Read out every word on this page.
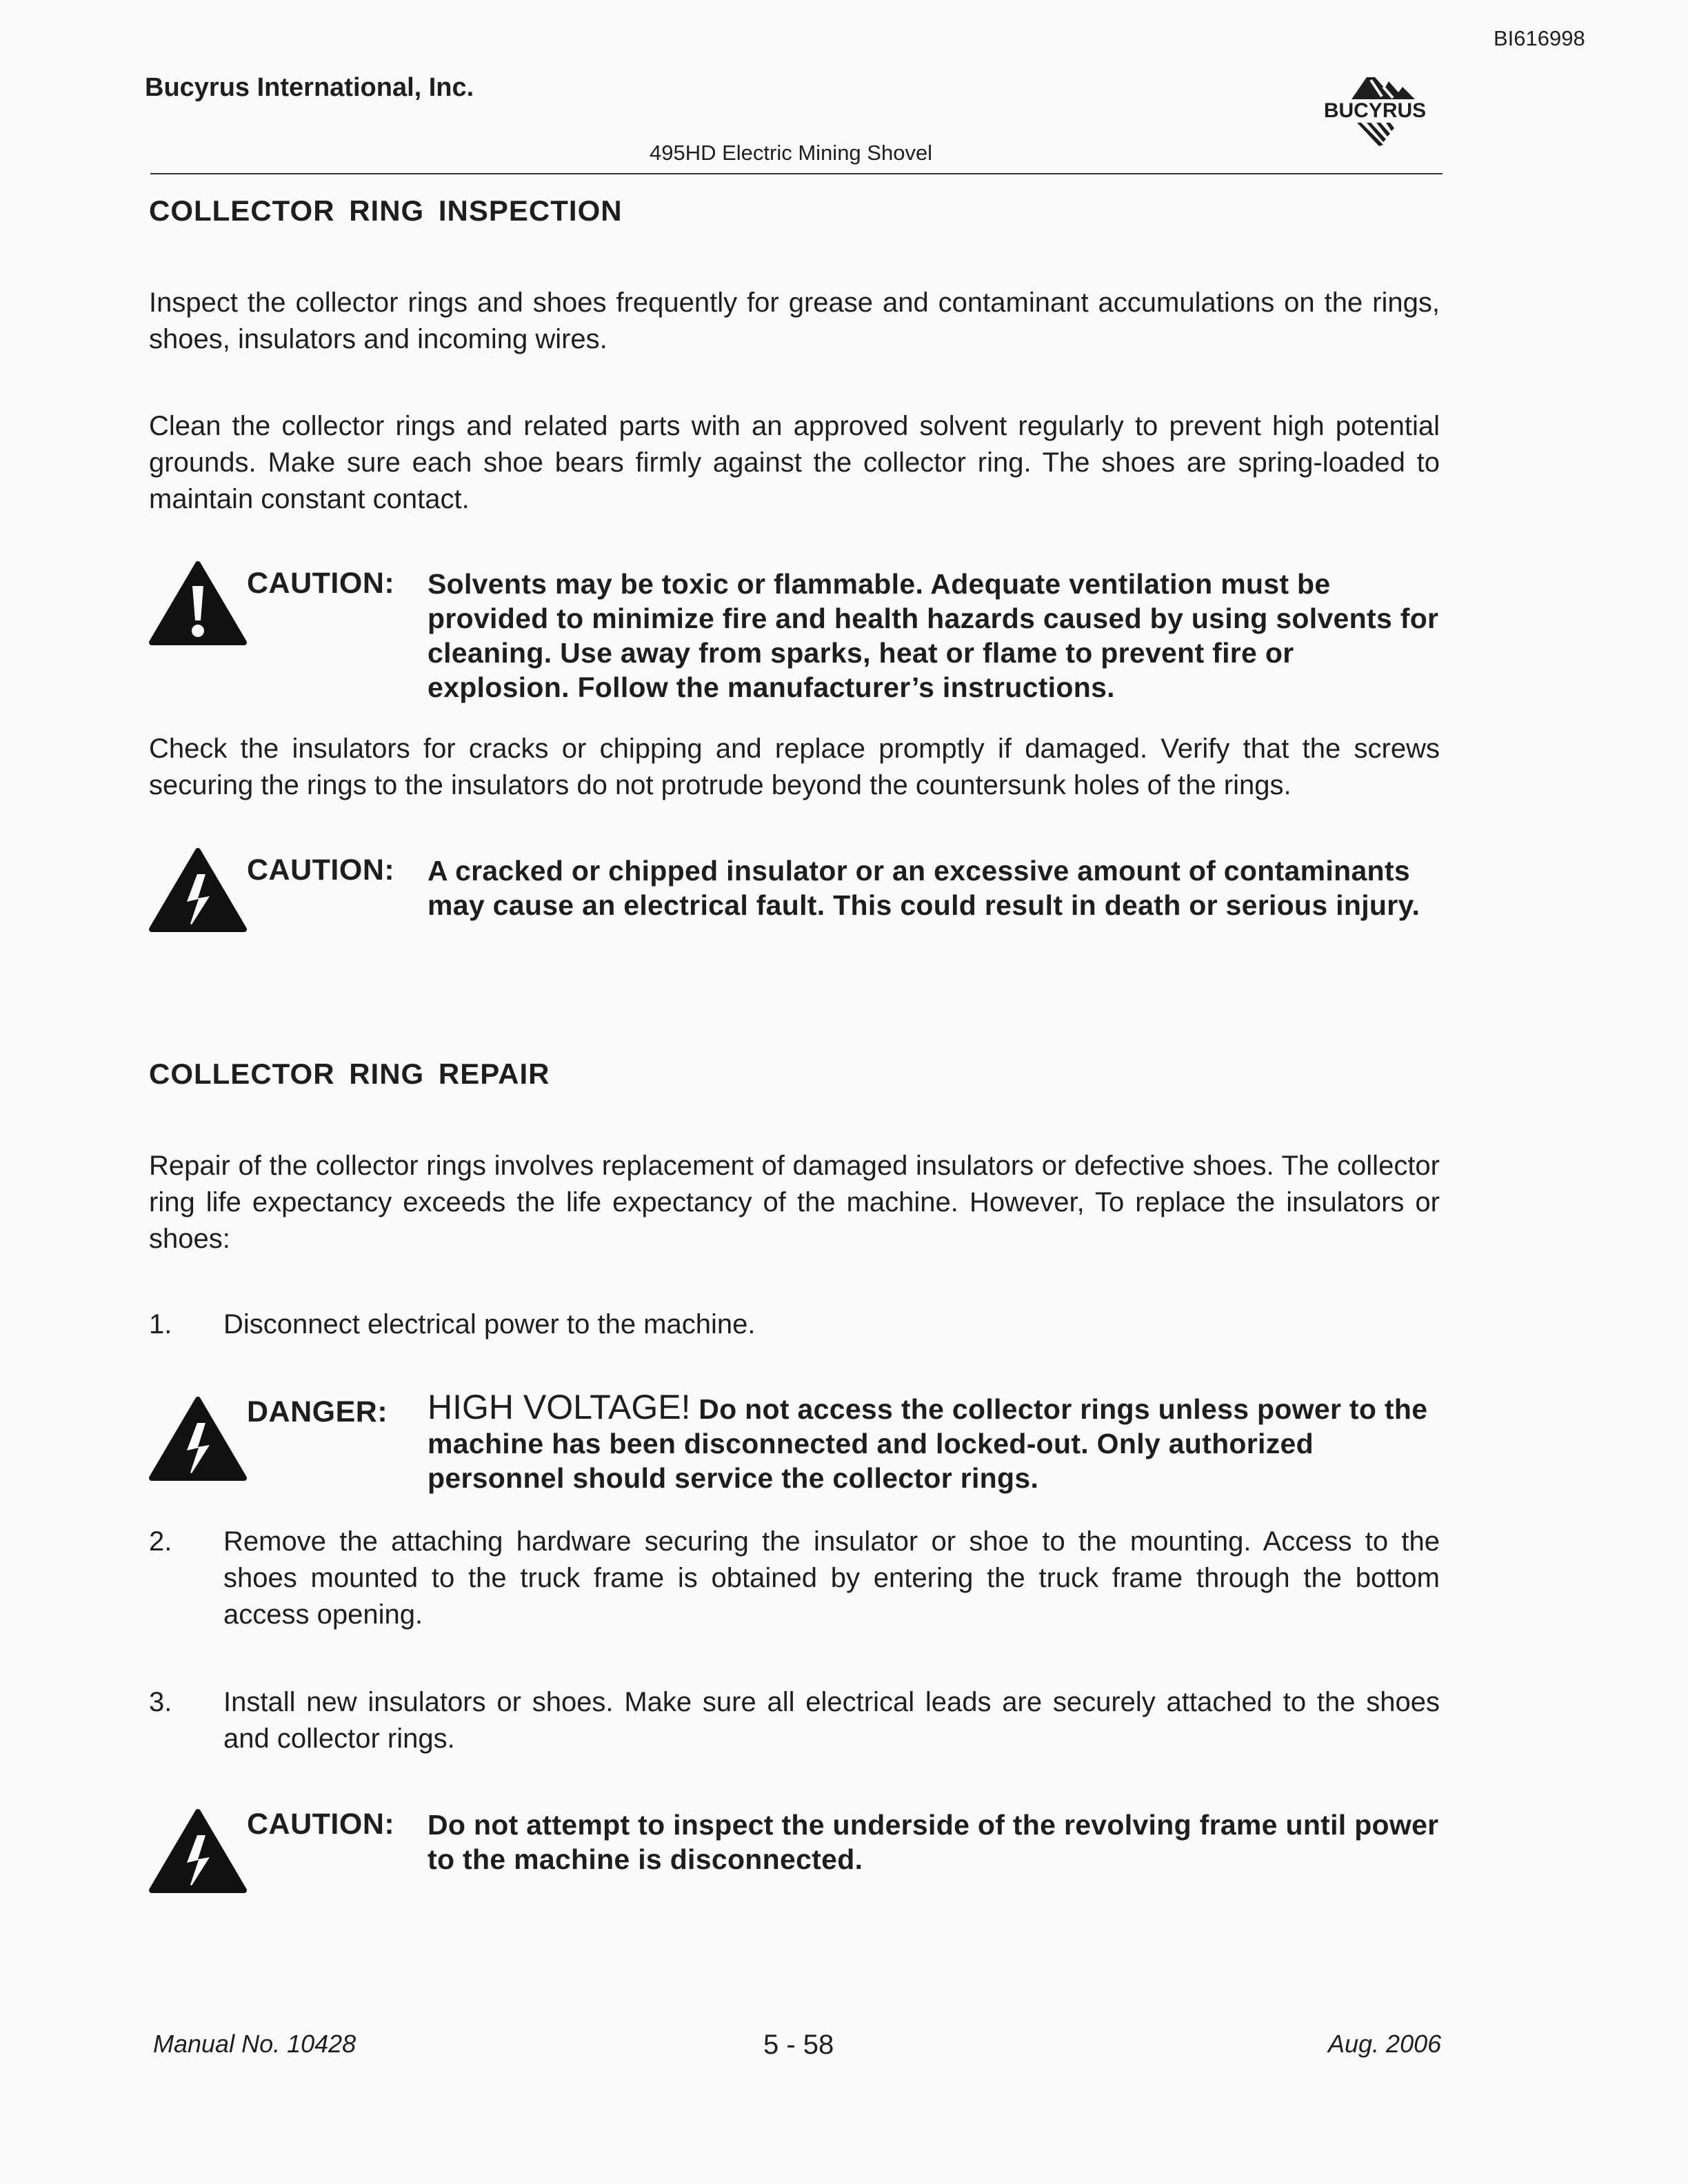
BI616998
Bucyrus International, Inc.
495HD Electric Mining Shovel
BUCYRUS
COLLECTOR RING INSPECTION
Inspect the collector rings and shoes frequently for grease and contaminant accumulations on the rings, shoes, insulators and incoming wires.
Clean the collector rings and related parts with an approved solvent regularly to prevent high potential grounds. Make sure each shoe bears firmly against the collector ring. The shoes are spring-loaded to maintain constant contact.
CAUTION: Solvents may be toxic or flammable. Adequate ventilation must be provided to minimize fire and health hazards caused by using solvents for cleaning. Use away from sparks, heat or flame to prevent fire or explosion. Follow the manufacturer’s instructions.
Check the insulators for cracks or chipping and replace promptly if damaged. Verify that the screws securing the rings to the insulators do not protrude beyond the countersunk holes of the rings.
CAUTION: A cracked or chipped insulator or an excessive amount of contaminants may cause an electrical fault. This could result in death or serious injury.
COLLECTOR RING REPAIR
Repair of the collector rings involves replacement of damaged insulators or defective shoes. The collector ring life expectancy exceeds the life expectancy of the machine. However, To replace the insulators or shoes:
1. Disconnect electrical power to the machine.
DANGER: HIGH VOLTAGE! Do not access the collector rings unless power to the machine has been disconnected and locked-out. Only authorized personnel should service the collector rings.
2. Remove the attaching hardware securing the insulator or shoe to the mounting. Access to the shoes mounted to the truck frame is obtained by entering the truck frame through the bottom access opening.
3. Install new insulators or shoes. Make sure all electrical leads are securely attached to the shoes and collector rings.
CAUTION: Do not attempt to inspect the underside of the revolving frame until power to the machine is disconnected.
Manual No. 10428	5 - 58	Aug. 2006
